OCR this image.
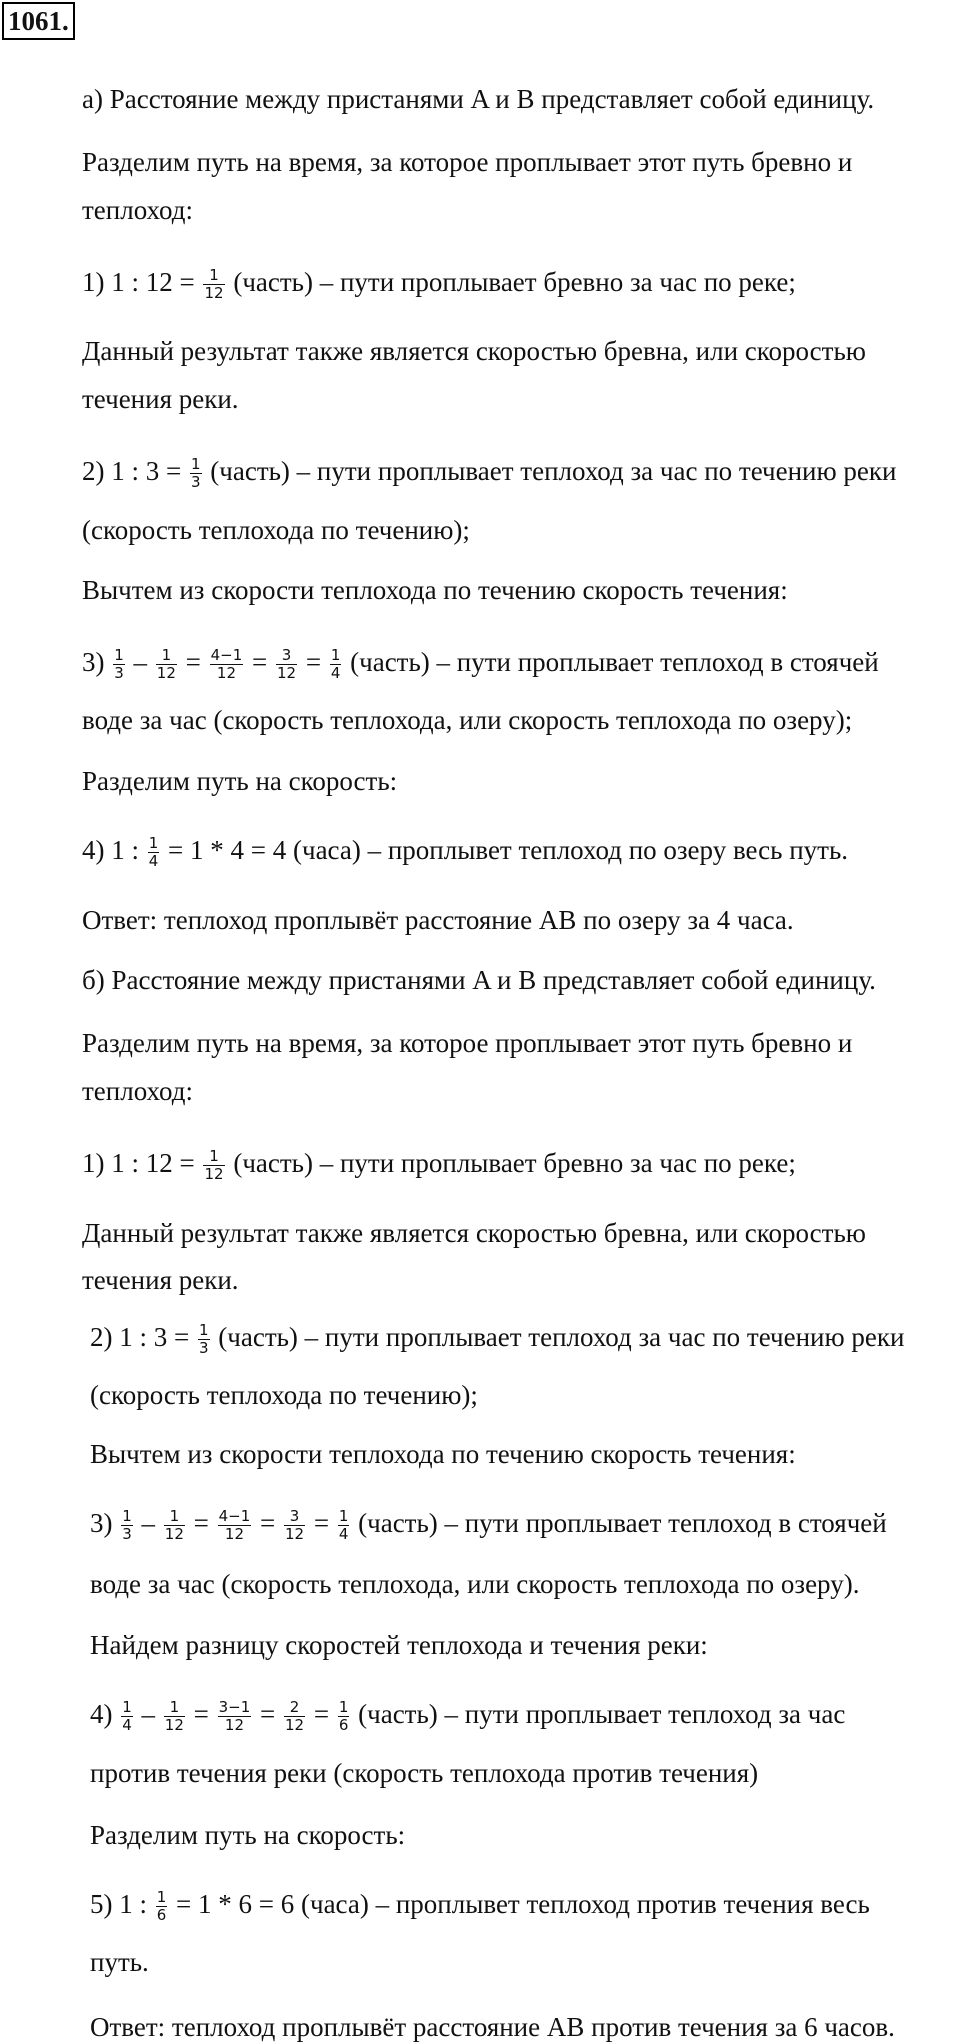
1061.
а) Расстояние между пристанями A и B представляет собой единицу.
Разделим путь на время, за которое проплывает этот путь бревно и
теплоход:
1) 1 : $12 = \frac{1}{12}$ (часть) – пути проплывает бревно за час по реке;
Данный результат также является скоростью бревна, или скоростью
течения реки.
2) 1 : $3 = \frac{1}{3}$ (часть) – пути проплывает теплоход за час по течению реки
(скорость теплохода по течению);
Вычтем из скорости теплохода по течению скорость течения:
$3) \frac{1}{3} - \frac{1}{12} = \frac{4-1}{12} = \frac{3}{12} = \frac{1}{4}$ (часть) – пути проплывает теплоход в стоячей
воде за час (скорость теплохода, или скорость теплохода по озеру);
Разделим путь на скорость:
4) 1 : $\frac{1}{4} = 1 * 4 = 4$ (часа) – проплывет теплоход по озеру весь путь.
Ответ: теплоход проплывёт расстояние АВ по озеру за 4 часа.
б) Расстояние между пристанями A и B представляет собой единицу.
Разделим путь на время, за которое проплывает этот путь бревно и
теплоход:
1) 1 : $12 = \frac{1}{12}$ (часть) – пути проплывает бревно за час по реке;
Данный результат также является скоростью бревна, или скоростью
течения реки.
2) 1 : $3 = \frac{1}{3}$ (часть) – пути проплывает теплоход за час по течению реки
(скорость теплохода по течению);
Вычтем из скорости теплохода по течению скорость течения:
$3) \frac{1}{3} - \frac{1}{12} = \frac{4-1}{12} = \frac{3}{12} = \frac{1}{4}$ (часть) – пути проплывает теплоход в стоячей
воде за час (скорость теплохода, или скорость теплохода по озеру).
Найдем разницу скоростей теплохода и течения реки:
$4) \frac{1}{4} - \frac{1}{12} = \frac{3-1}{12} = \frac{2}{12} = \frac{1}{6}$ (часть) – пути проплывает теплоход за час
против течения реки (скорость теплохода против течения)
Разделим путь на скорость:
5) 1 : $\frac{1}{6} = 1 * 6 = 6$ (часа) – проплывет теплоход против течения весь
путь.
Ответ: теплоход проплывёт расстояние АВ против течения за 6 часов.
